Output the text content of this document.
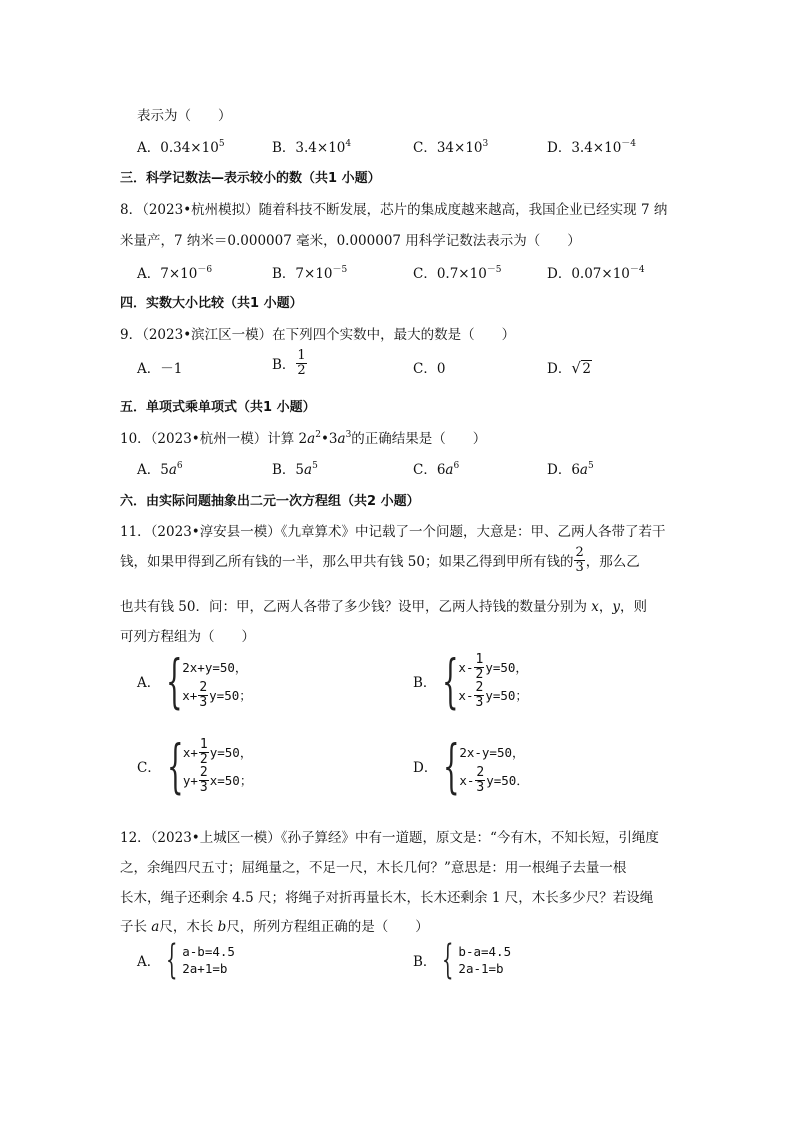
表示为（　　）
A．$0.34\times 10^5$	B．$3.4\times 10^4$	C．$34\times 10^3$	D．$3.4\times 10^{-4}$
三．科学记数法—表示较小的数（共1 小题）
8．（2023•杭州模拟）随着科技不断发展，芯片的集成度越来越高，我国企业已经实现 7 纳
米量产，7 纳米＝0.000007 毫米，0.000007 用科学记数法表示为（　　）
A．$7\times 10^{-6}$	B．$7\times 10^{-5}$	C．$0.7\times 10^{-5}$	D．$0.07\times 10^{-4}$
四．实数大小比较（共1 小题）
9．（2023•滨江区一模）在下列四个实数中，最大的数是（　　）
A．－1	B． $\frac{1}{2}$	C．0	D． √ 2
五．单项式乘单项式（共1 小题）
10．（2023•杭州一模）计算 $2a^2•3a^3$的正确结果是（　　）
A．$5a^6$	B．$5a^5$	C．$6a^6$	D．$6a^5$
六．由实际问题抽象出二元一次方程组（共2 小题）
11．（2023•淳安县一模）《九章算术》中记载了一个问题，大意是：甲、乙两人各带了若干
钱，如果甲得到乙所有钱的一半，那么甲共有钱 50；如果乙得到甲所有钱的 $\frac{2}{3}$ ，那么乙
也共有钱 50．问：甲，乙两人各带了多少钱？设甲，乙两人持钱的数量分别为 x，y，则
可列方程组为（　　）
A． { 2x+y=50，
$x+ \frac{2}{3} y=50$；
B． { $x- \frac{1}{2} y=50$，
$x- \frac{2}{3} y=50$；
C． { $x+ \frac{1}{2} y=50$，
$y+ \frac{2}{3} x=50$；
D． { 2x-y=50，
$x- \frac{2}{3} y=50$．
12．（2023•上城区一模）《孙子算经》中有一道题，原文是：“今有木，不知长短，引绳度
之，余绳四尺五寸；屈绳量之，不足一尺，木长几何？”意思是：用一根绳子去量一根
长木，绳子还剩余 4.5 尺；将绳子对折再量长木，长木还剩余 1 尺，木长多少尺？若设绳
子长 a尺，木长 b尺，所列方程组正确的是（　　）
A． { a-b=4.5
2a+1=b	B． { b-a=4.5
2a-1=b
